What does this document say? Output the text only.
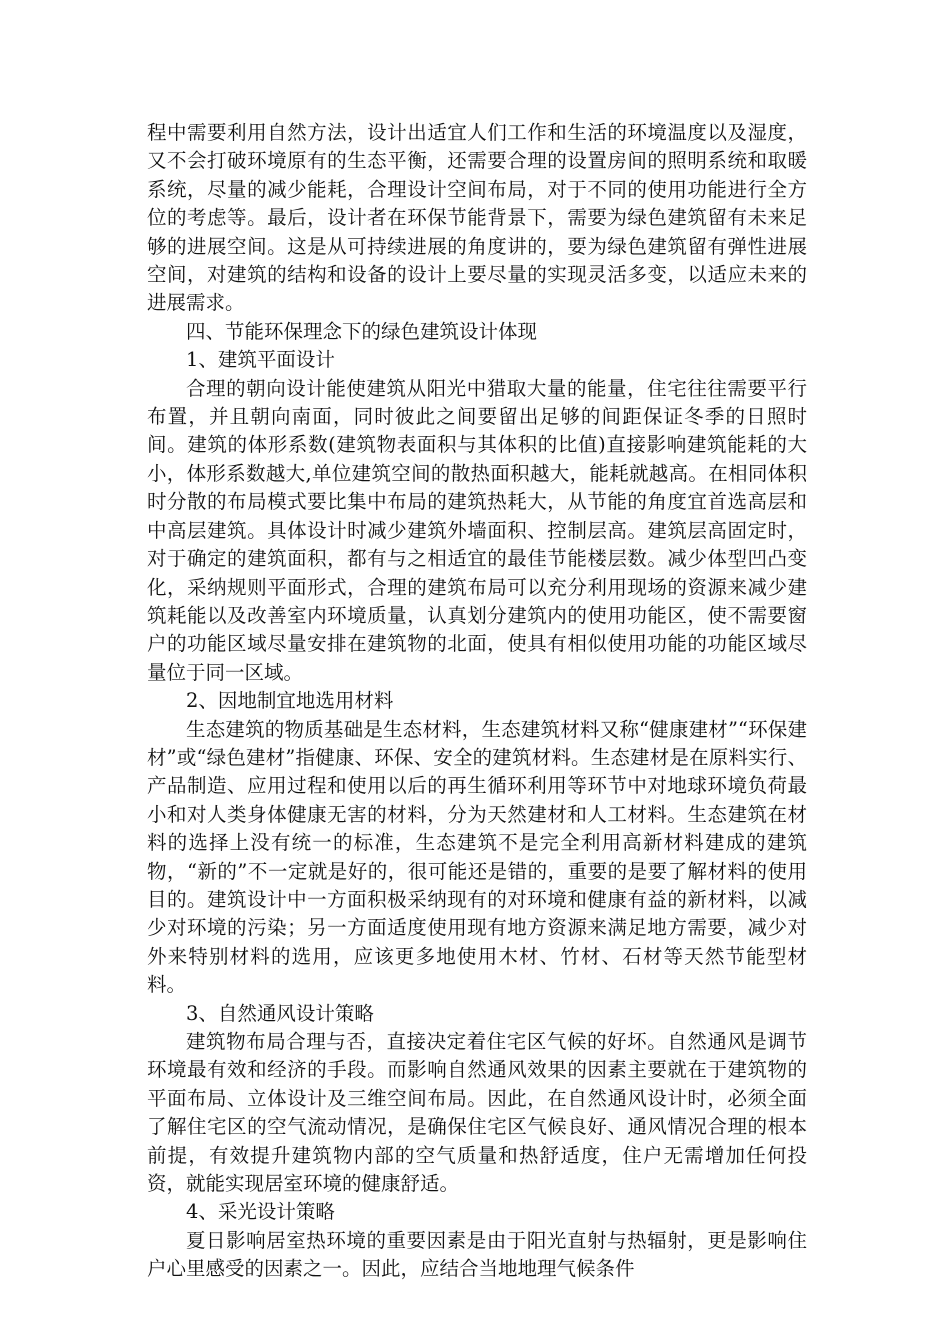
程中需要利用自然方法，设计出适宜人们工作和生活的环境温度以及湿度，又不会打破环境原有的生态平衡，还需要合理的设置房间的照明系统和取暖系统，尽量的减少能耗，合理设计空间布局，对于不同的使用功能进行全方位的考虑等。最后，设计者在环保节能背景下，需要为绿色建筑留有未来足够的进展空间。这是从可持续进展的角度讲的，要为绿色建筑留有弹性进展空间，对建筑的结构和设备的设计上要尽量的实现灵活多变，以适应未来的进展需求。

四、节能环保理念下的绿色建筑设计体现

1、建筑平面设计

合理的朝向设计能使建筑从阳光中猎取大量的能量，住宅往往需要平行布置，并且朝向南面，同时彼此之间要留出足够的间距保证冬季的日照时间。建筑的体形系数(建筑物表面积与其体积的比值)直接影响建筑能耗的大小，体形系数越大,单位建筑空间的散热面积越大，能耗就越高。在相同体积时分散的布局模式要比集中布局的建筑热耗大，从节能的角度宜首选高层和中高层建筑。具体设计时减少建筑外墙面积、控制层高。建筑层高固定时，对于确定的建筑面积，都有与之相适宜的最佳节能楼层数。减少体型凹凸变化，采纳规则平面形式，合理的建筑布局可以充分利用现场的资源来减少建筑耗能以及改善室内环境质量，认真划分建筑内的使用功能区，使不需要窗户的功能区域尽量安排在建筑物的北面，使具有相似使用功能的功能区域尽量位于同一区域。

2、因地制宜地选用材料

生态建筑的物质基础是生态材料，生态建筑材料又称“健康建材”“环保建材”或“绿色建材”指健康、环保、安全的建筑材料。生态建材是在原料实行、产品制造、应用过程和使用以后的再生循环利用等环节中对地球环境负荷最小和对人类身体健康无害的材料，分为天然建材和人工材料。生态建筑在材料的选择上没有统一的标准，生态建筑不是完全利用高新材料建成的建筑物，“新的”不一定就是好的，很可能还是错的，重要的是要了解材料的使用目的。建筑设计中一方面积极采纳现有的对环境和健康有益的新材料，以减少对环境的污染；另一方面适度使用现有地方资源来满足地方需要，减少对外来特别材料的选用，应该更多地使用木材、竹材、石材等天然节能型材料。

3、自然通风设计策略

建筑物布局合理与否，直接决定着住宅区气候的好坏。自然通风是调节环境最有效和经济的手段。而影响自然通风效果的因素主要就在于建筑物的平面布局、立体设计及三维空间布局。因此，在自然通风设计时，必须全面了解住宅区的空气流动情况，是确保住宅区气候良好、通风情况合理的根本前提，有效提升建筑物内部的空气质量和热舒适度，住户无需增加任何投资，就能实现居室环境的健康舒适。

4、采光设计策略

夏日影响居室热环境的重要因素是由于阳光直射与热辐射，更是影响住户心里感受的因素之一。因此，应结合当地地理气候条件
